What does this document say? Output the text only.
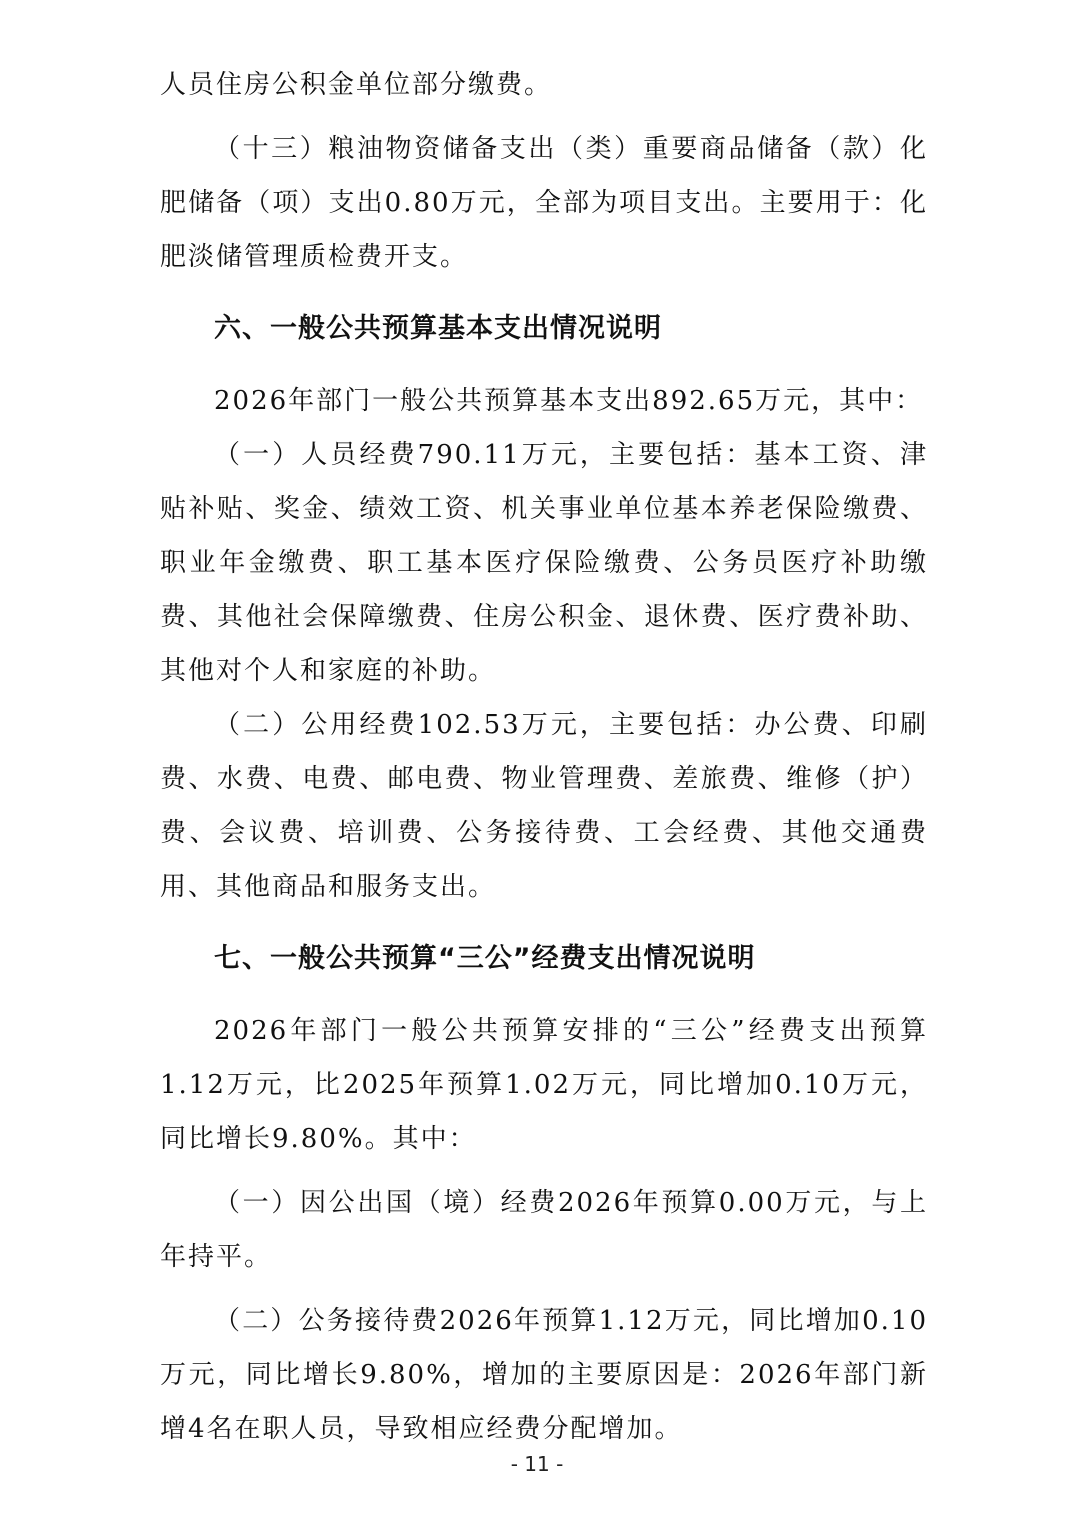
人员住房公积金单位部分缴费。

（十三）粮油物资储备支出（类）重要商品储备（款）化肥储备（项）支出0.80万元，全部为项目支出。主要用于：化肥淡储管理质检费开支。

六、一般公共预算基本支出情况说明

2026年部门一般公共预算基本支出892.65万元，其中：

（一）人员经费790.11万元，主要包括：基本工资、津贴补贴、奖金、绩效工资、机关事业单位基本养老保险缴费、职业年金缴费、职工基本医疗保险缴费、公务员医疗补助缴费、其他社会保障缴费、住房公积金、退休费、医疗费补助、其他对个人和家庭的补助。

（二）公用经费102.53万元，主要包括：办公费、印刷费、水费、电费、邮电费、物业管理费、差旅费、维修（护）费、会议费、培训费、公务接待费、工会经费、其他交通费用、其他商品和服务支出。

七、一般公共预算“三公”经费支出情况说明

2026年部门一般公共预算安排的“三公”经费支出预算1.12万元，比2025年预算1.02万元，同比增加0.10万元，同比增长9.80%。其中：

（一）因公出国（境）经费2026年预算0.00万元，与上年持平。

（二）公务接待费2026年预算1.12万元，同比增加0.10万元，同比增长9.80%，增加的主要原因是：2026年部门新增4名在职人员，导致相应经费分配增加。

- 11 -
